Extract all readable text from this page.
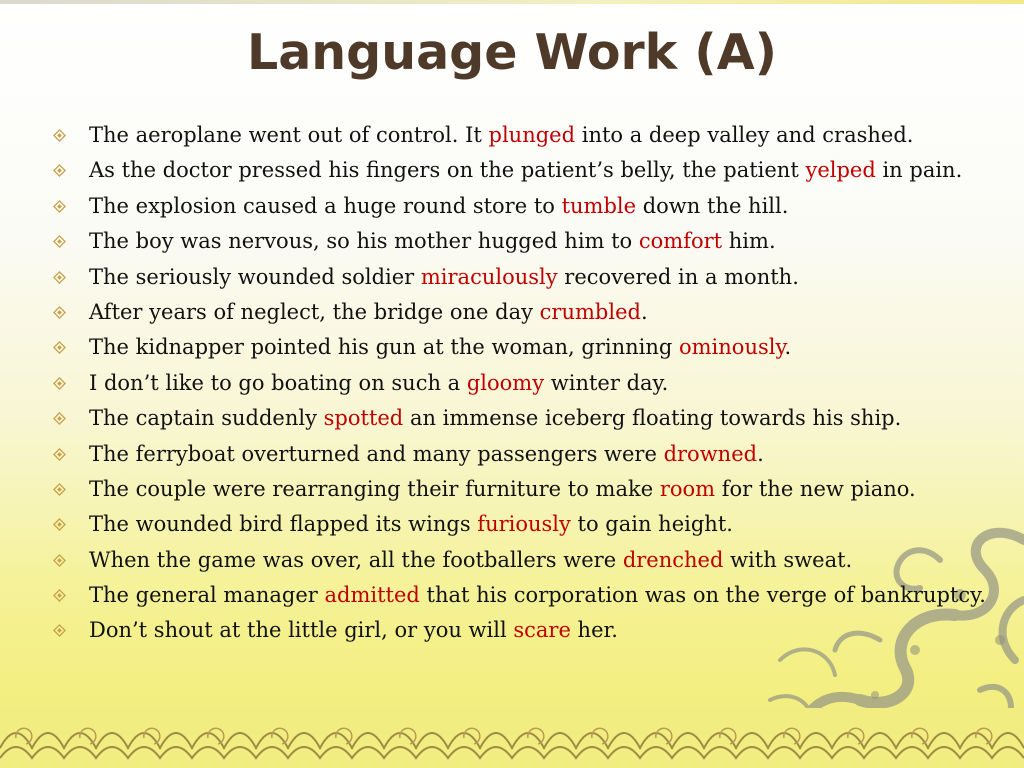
Language Work (A)
The aeroplane went out of control. It plunged into a deep valley and crashed.
As the doctor pressed his fingers on the patient’s belly, the patient yelped in pain.
The explosion caused a huge round store to tumble down the hill.
The boy was nervous, so his mother hugged him to comfort him.
The seriously wounded soldier miraculously recovered in a month.
After years of neglect, the bridge one day crumbled.
The kidnapper pointed his gun at the woman, grinning ominously.
I don’t like to go boating on such a gloomy winter day.
The captain suddenly spotted an immense iceberg floating towards his ship.
The ferryboat overturned and many passengers were drowned.
The couple were rearranging their furniture to make room for the new piano.
The wounded bird flapped its wings furiously to gain height.
When the game was over, all the footballers were drenched with sweat.
The general manager admitted that his corporation was on the verge of bankruptcy.
Don’t shout at the little girl, or you will scare her.
